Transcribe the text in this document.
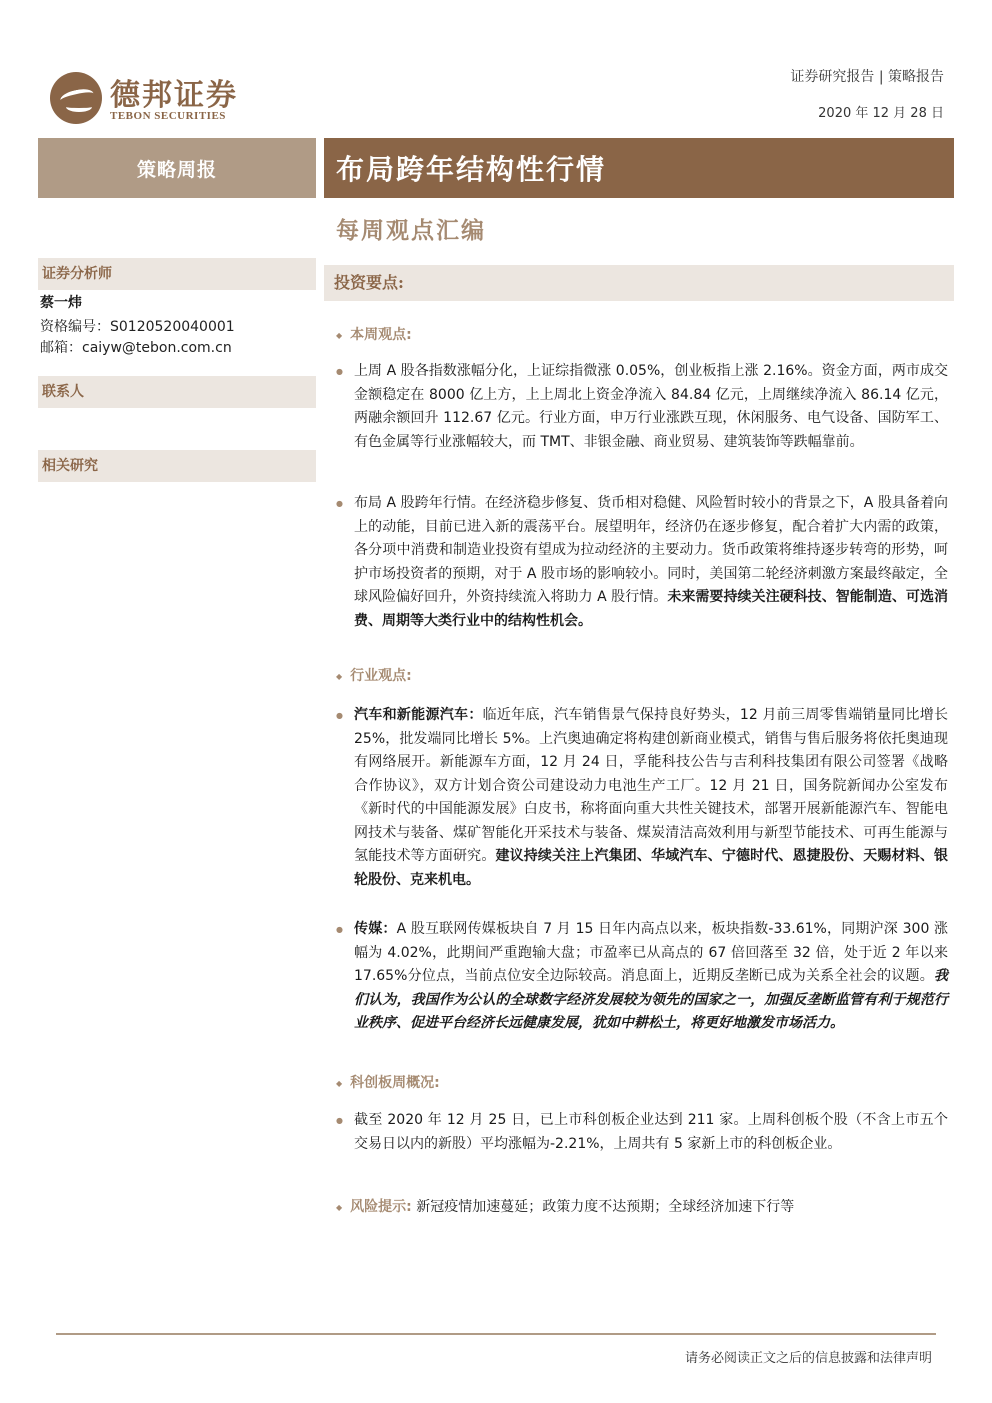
德邦证券
TEBON SECURITIES
证券研究报告 | 策略报告
2020 年 12 月 28 日
策略周报	布局跨年结构性行情
每周观点汇编
证券分析师
蔡一炜
资格编号：S0120520040001
邮箱：caiyw@tebon.com.cn
联系人
相关研究
投资要点:
◆ 本周观点:
● 上周 A 股各指数涨幅分化，上证综指微涨 0.05%，创业板指上涨 2.16%。资金方面，两市成交金额稳定在 8000 亿上方，上上周北上资金净流入 84.84 亿元，上周继续净流入 86.14 亿元，两融余额回升 112.67 亿元。行业方面，申万行业涨跌互现，休闲服务、电气设备、国防军工、有色金属等行业涨幅较大，而 TMT、非银金融、商业贸易、建筑装饰等跌幅靠前。
● 布局 A 股跨年行情。在经济稳步修复、货币相对稳健、风险暂时较小的背景之下，A 股具备着向上的动能，目前已进入新的震荡平台。展望明年，经济仍在逐步修复，配合着扩大内需的政策，各分项中消费和制造业投资有望成为拉动经济的主要动力。货币政策将维持逐步转弯的形势，呵护市场投资者的预期，对于 A 股市场的影响较小。同时，美国第二轮经济刺激方案最终敲定，全球风险偏好回升，外资持续流入将助力 A 股行情。未来需要持续关注硬科技、智能制造、可选消费、周期等大类行业中的结构性机会。
◆ 行业观点:
● 汽车和新能源汽车：临近年底，汽车销售景气保持良好势头，12 月前三周零售端销量同比增长 25%，批发端同比增长 5%。上汽奥迪确定将构建创新商业模式，销售与售后服务将依托奥迪现有网络展开。新能源车方面，12 月 24 日，孚能科技公告与吉利科技集团有限公司签署《战略合作协议》，双方计划合资公司建设动力电池生产工厂。12 月 21 日，国务院新闻办公室发布《新时代的中国能源发展》白皮书，称将面向重大共性关键技术，部署开展新能源汽车、智能电网技术与装备、煤矿智能化开采技术与装备、煤炭清洁高效利用与新型节能技术、可再生能源与氢能技术等方面研究。建议持续关注上汽集团、华域汽车、宁德时代、恩捷股份、天赐材料、银轮股份、克来机电。
● 传媒：A 股互联网传媒板块自 7 月 15 日年内高点以来，板块指数-33.61%，同期沪深 300 涨幅为 4.02%，此期间严重跑输大盘；市盈率已从高点的 67 倍回落至 32 倍，处于近 2 年以来 17.65%分位点，当前点位安全边际较高。消息面上，近期反垄断已成为关系全社会的议题。我们认为，我国作为公认的全球数字经济发展较为领先的国家之一，加强反垄断监管有利于规范行业秩序、促进平台经济长远健康发展，犹如中耕松土，将更好地激发市场活力。
◆ 科创板周概况:
● 截至 2020 年 12 月 25 日，已上市科创板企业达到 211 家。上周科创板个股（不含上市五个交易日以内的新股）平均涨幅为-2.21%，上周共有 5 家新上市的科创板企业。
◆ 风险提示: 新冠疫情加速蔓延；政策力度不达预期；全球经济加速下行等
请务必阅读正文之后的信息披露和法律声明
